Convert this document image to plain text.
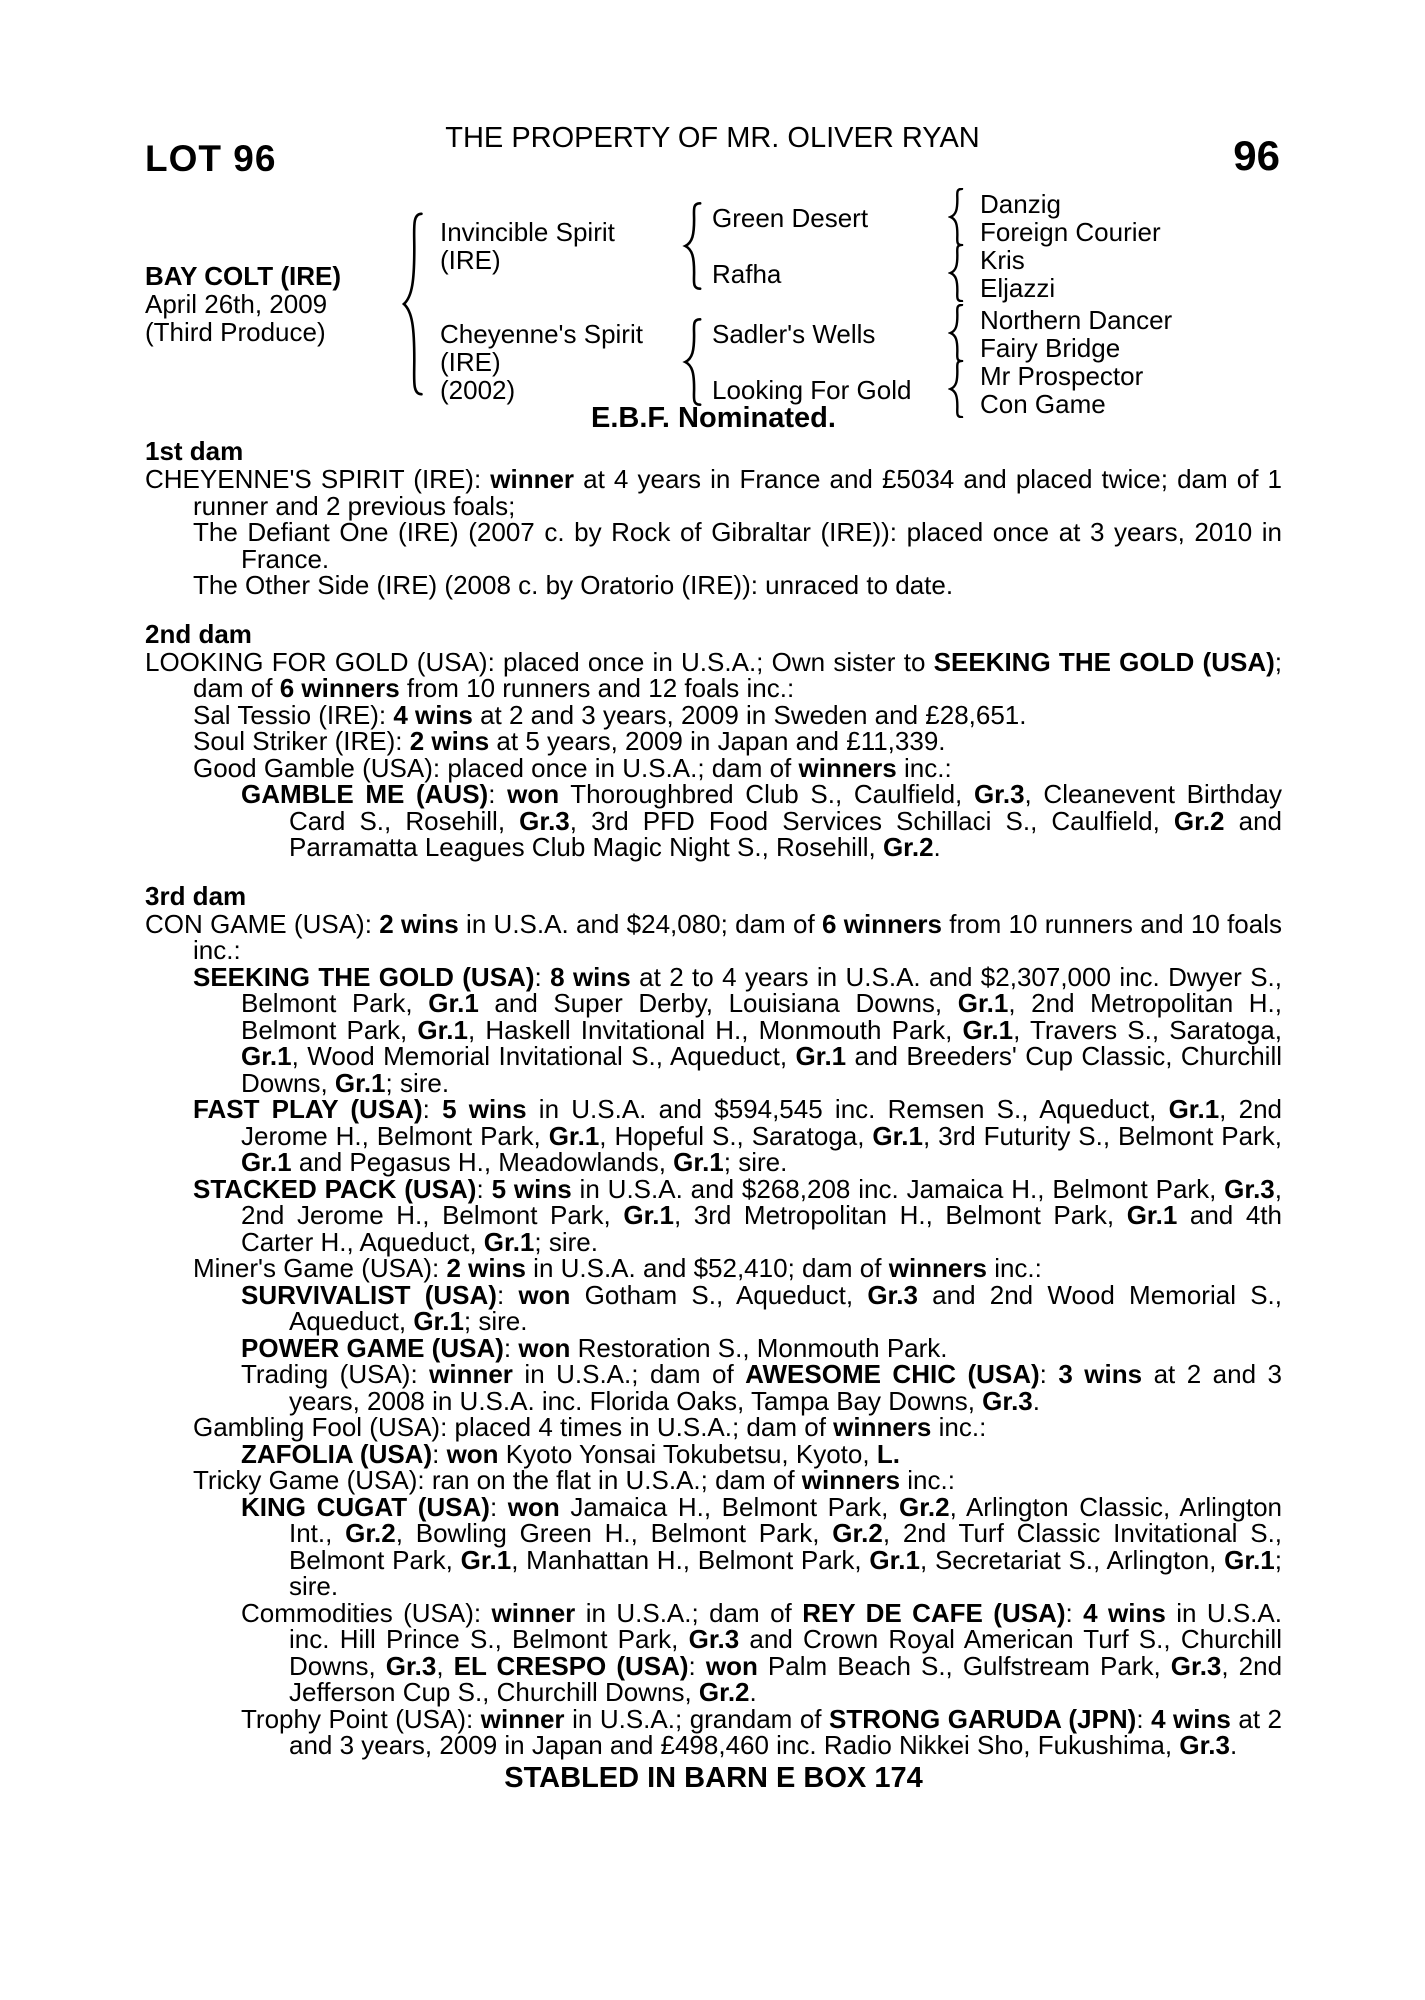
THE PROPERTY OF MR. OLIVER RYAN
LOT 96	96
BAY COLT (IRE)
April 26th, 2009
(Third Produce)
Invincible Spirit
(IRE)
Cheyenne's Spirit
(IRE)
(2002)
Green Desert
Rafha
Sadler's Wells
Looking For Gold
Danzig
Foreign Courier
Kris
Eljazzi
Northern Dancer
Fairy Bridge
Mr Prospector
Con Game
E.B.F. Nominated.
1st dam

CHEYENNE'S SPIRIT (IRE): winner at 4 years in France and £5034 and placed twice; dam of 1 runner and 2 previous foals;

The Defiant One (IRE) (2007 c. by Rock of Gibraltar (IRE)): placed once at 3 years, 2010 in France.

The Other Side (IRE) (2008 c. by Oratorio (IRE)): unraced to date.

2nd dam

LOOKING FOR GOLD (USA): placed once in U.S.A.; Own sister to SEEKING THE GOLD (USA); dam of 6 winners from 10 runners and 12 foals inc.:

Sal Tessio (IRE): 4 wins at 2 and 3 years, 2009 in Sweden and £28,651.

Soul Striker (IRE): 2 wins at 5 years, 2009 in Japan and £11,339.

Good Gamble (USA): placed once in U.S.A.; dam of winners inc.:

GAMBLE ME (AUS): won Thoroughbred Club S., Caulfield, Gr.3, Cleanevent Birthday Card S., Rosehill, Gr.3, 3rd PFD Food Services Schillaci S., Caulfield, Gr.2 and Parramatta Leagues Club Magic Night S., Rosehill, Gr.2.

3rd dam

CON GAME (USA): 2 wins in U.S.A. and $24,080; dam of 6 winners from 10 runners and 10 foals inc.:

SEEKING THE GOLD (USA): 8 wins at 2 to 4 years in U.S.A. and $2,307,000 inc. Dwyer S., Belmont Park, Gr.1 and Super Derby, Louisiana Downs, Gr.1, 2nd Metropolitan H., Belmont Park, Gr.1, Haskell Invitational H., Monmouth Park, Gr.1, Travers S., Saratoga, Gr.1, Wood Memorial Invitational S., Aqueduct, Gr.1 and Breeders' Cup Classic, Churchill Downs, Gr.1; sire.

FAST PLAY (USA): 5 wins in U.S.A. and $594,545 inc. Remsen S., Aqueduct, Gr.1, 2nd Jerome H., Belmont Park, Gr.1, Hopeful S., Saratoga, Gr.1, 3rd Futurity S., Belmont Park, Gr.1 and Pegasus H., Meadowlands, Gr.1; sire.

STACKED PACK (USA): 5 wins in U.S.A. and $268,208 inc. Jamaica H., Belmont Park, Gr.3, 2nd Jerome H., Belmont Park, Gr.1, 3rd Metropolitan H., Belmont Park, Gr.1 and 4th Carter H., Aqueduct, Gr.1; sire.

Miner's Game (USA): 2 wins in U.S.A. and $52,410; dam of winners inc.:

SURVIVALIST (USA): won Gotham S., Aqueduct, Gr.3 and 2nd Wood Memorial S., Aqueduct, Gr.1; sire.

POWER GAME (USA): won Restoration S., Monmouth Park.

Trading (USA): winner in U.S.A.; dam of AWESOME CHIC (USA): 3 wins at 2 and 3 years, 2008 in U.S.A. inc. Florida Oaks, Tampa Bay Downs, Gr.3.

Gambling Fool (USA): placed 4 times in U.S.A.; dam of winners inc.:

ZAFOLIA (USA): won Kyoto Yonsai Tokubetsu, Kyoto, L.

Tricky Game (USA): ran on the flat in U.S.A.; dam of winners inc.:

KING CUGAT (USA): won Jamaica H., Belmont Park, Gr.2, Arlington Classic, Arlington Int., Gr.2, Bowling Green H., Belmont Park, Gr.2, 2nd Turf Classic Invitational S., Belmont Park, Gr.1, Manhattan H., Belmont Park, Gr.1, Secretariat S., Arlington, Gr.1; sire.

Commodities (USA): winner in U.S.A.; dam of REY DE CAFE (USA): 4 wins in U.S.A. inc. Hill Prince S., Belmont Park, Gr.3 and Crown Royal American Turf S., Churchill Downs, Gr.3, EL CRESPO (USA): won Palm Beach S., Gulfstream Park, Gr.3, 2nd Jefferson Cup S., Churchill Downs, Gr.2.

Trophy Point (USA): winner in U.S.A.; grandam of STRONG GARUDA (JPN): 4 wins at 2 and 3 years, 2009 in Japan and £498,460 inc. Radio Nikkei Sho, Fukushima, Gr.3.

STABLED IN BARN E BOX 174
